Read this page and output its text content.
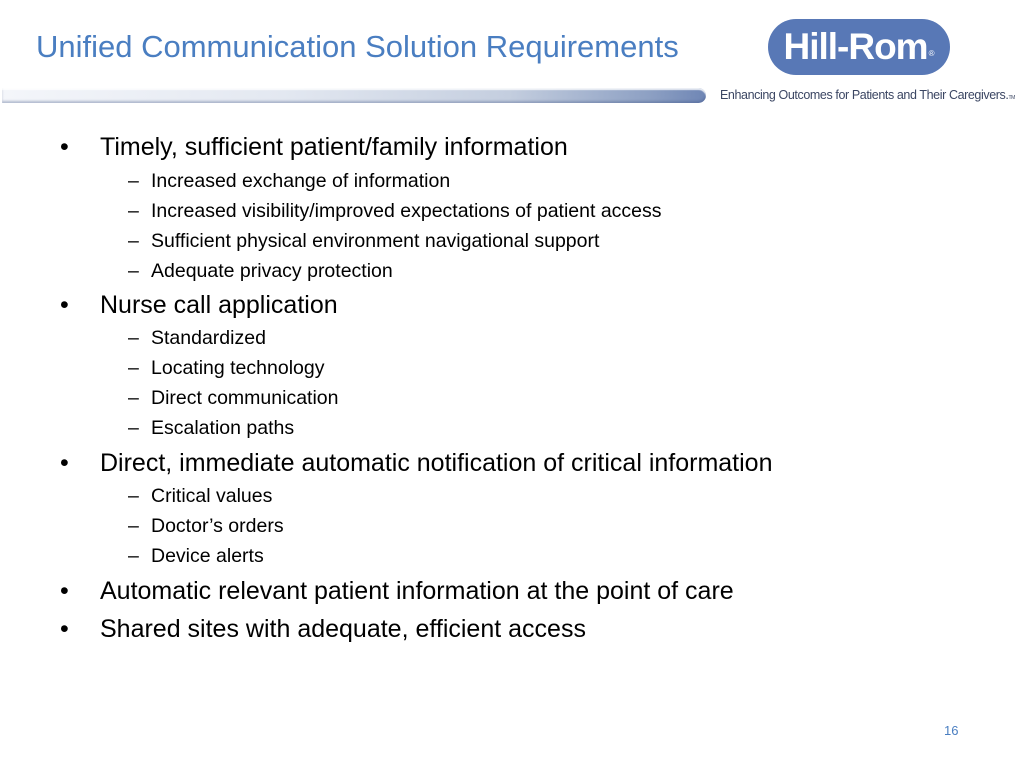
Unified Communication Solution Requirements	Hill-Rom ®
Enhancing Outcomes for Patients and Their Caregivers.TM
• Timely, sufficient patient/family information
– Increased exchange of information
– Increased visibility/improved expectations of patient access
– Sufficient physical environment navigational support
– Adequate privacy protection
• Nurse call application
– Standardized
– Locating technology
– Direct communication
– Escalation paths
• Direct, immediate automatic notification of critical information
– Critical values
– Doctor’s orders
– Device alerts
• Automatic relevant patient information at the point of care
• Shared sites with adequate, efficient access
16
